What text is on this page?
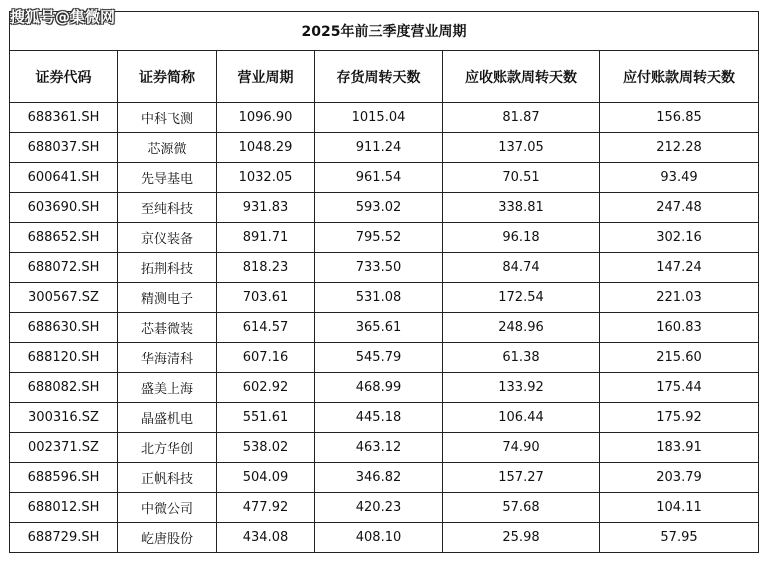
搜狐号@集微网
2025年前三季度营业周期					
证券代码	证券简称	营业周期	存货周转天数	应收账款周转天数	应付账款周转天数
688361.SH	中科飞测	1096.90	1015.04	81.87	156.85
688037.SH	芯源微	1048.29	911.24	137.05	212.28
600641.SH	先导基电	1032.05	961.54	70.51	93.49
603690.SH	至纯科技	931.83	593.02	338.81	247.48
688652.SH	京仪装备	891.71	795.52	96.18	302.16
688072.SH	拓荆科技	818.23	733.50	84.74	147.24
300567.SZ	精测电子	703.61	531.08	172.54	221.03
688630.SH	芯碁微装	614.57	365.61	248.96	160.83
688120.SH	华海清科	607.16	545.79	61.38	215.60
688082.SH	盛美上海	602.92	468.99	133.92	175.44
300316.SZ	晶盛机电	551.61	445.18	106.44	175.92
002371.SZ	北方华创	538.02	463.12	74.90	183.91
688596.SH	正帆科技	504.09	346.82	157.27	203.79
688012.SH	中微公司	477.92	420.23	57.68	104.11
688729.SH	屹唐股份	434.08	408.10	25.98	57.95
